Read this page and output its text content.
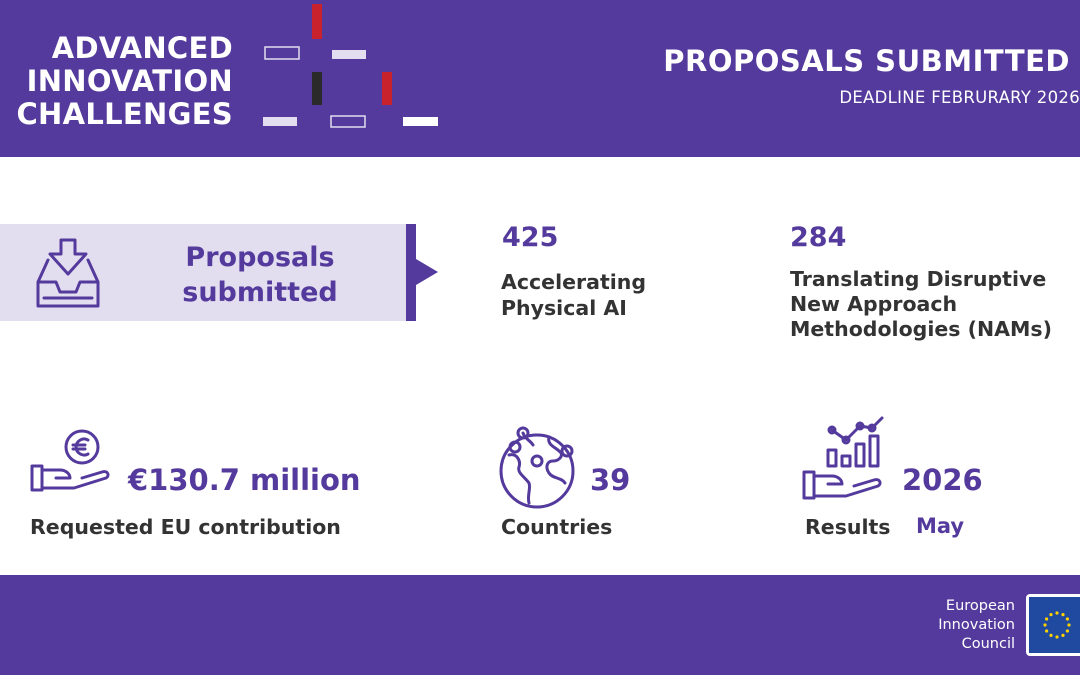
ADVANCED
INNOVATION
CHALLENGES
PROPOSALS SUBMITTED
DEADLINE FEBRURARY 2026
Proposals
submitted
425
Accelerating
Physical AI
284
Translating Disruptive
New Approach
Methodologies (NAMs)
€130.7 million
Requested EU contribution
39
Countries
2026
Results May
European
Innovation
Council
